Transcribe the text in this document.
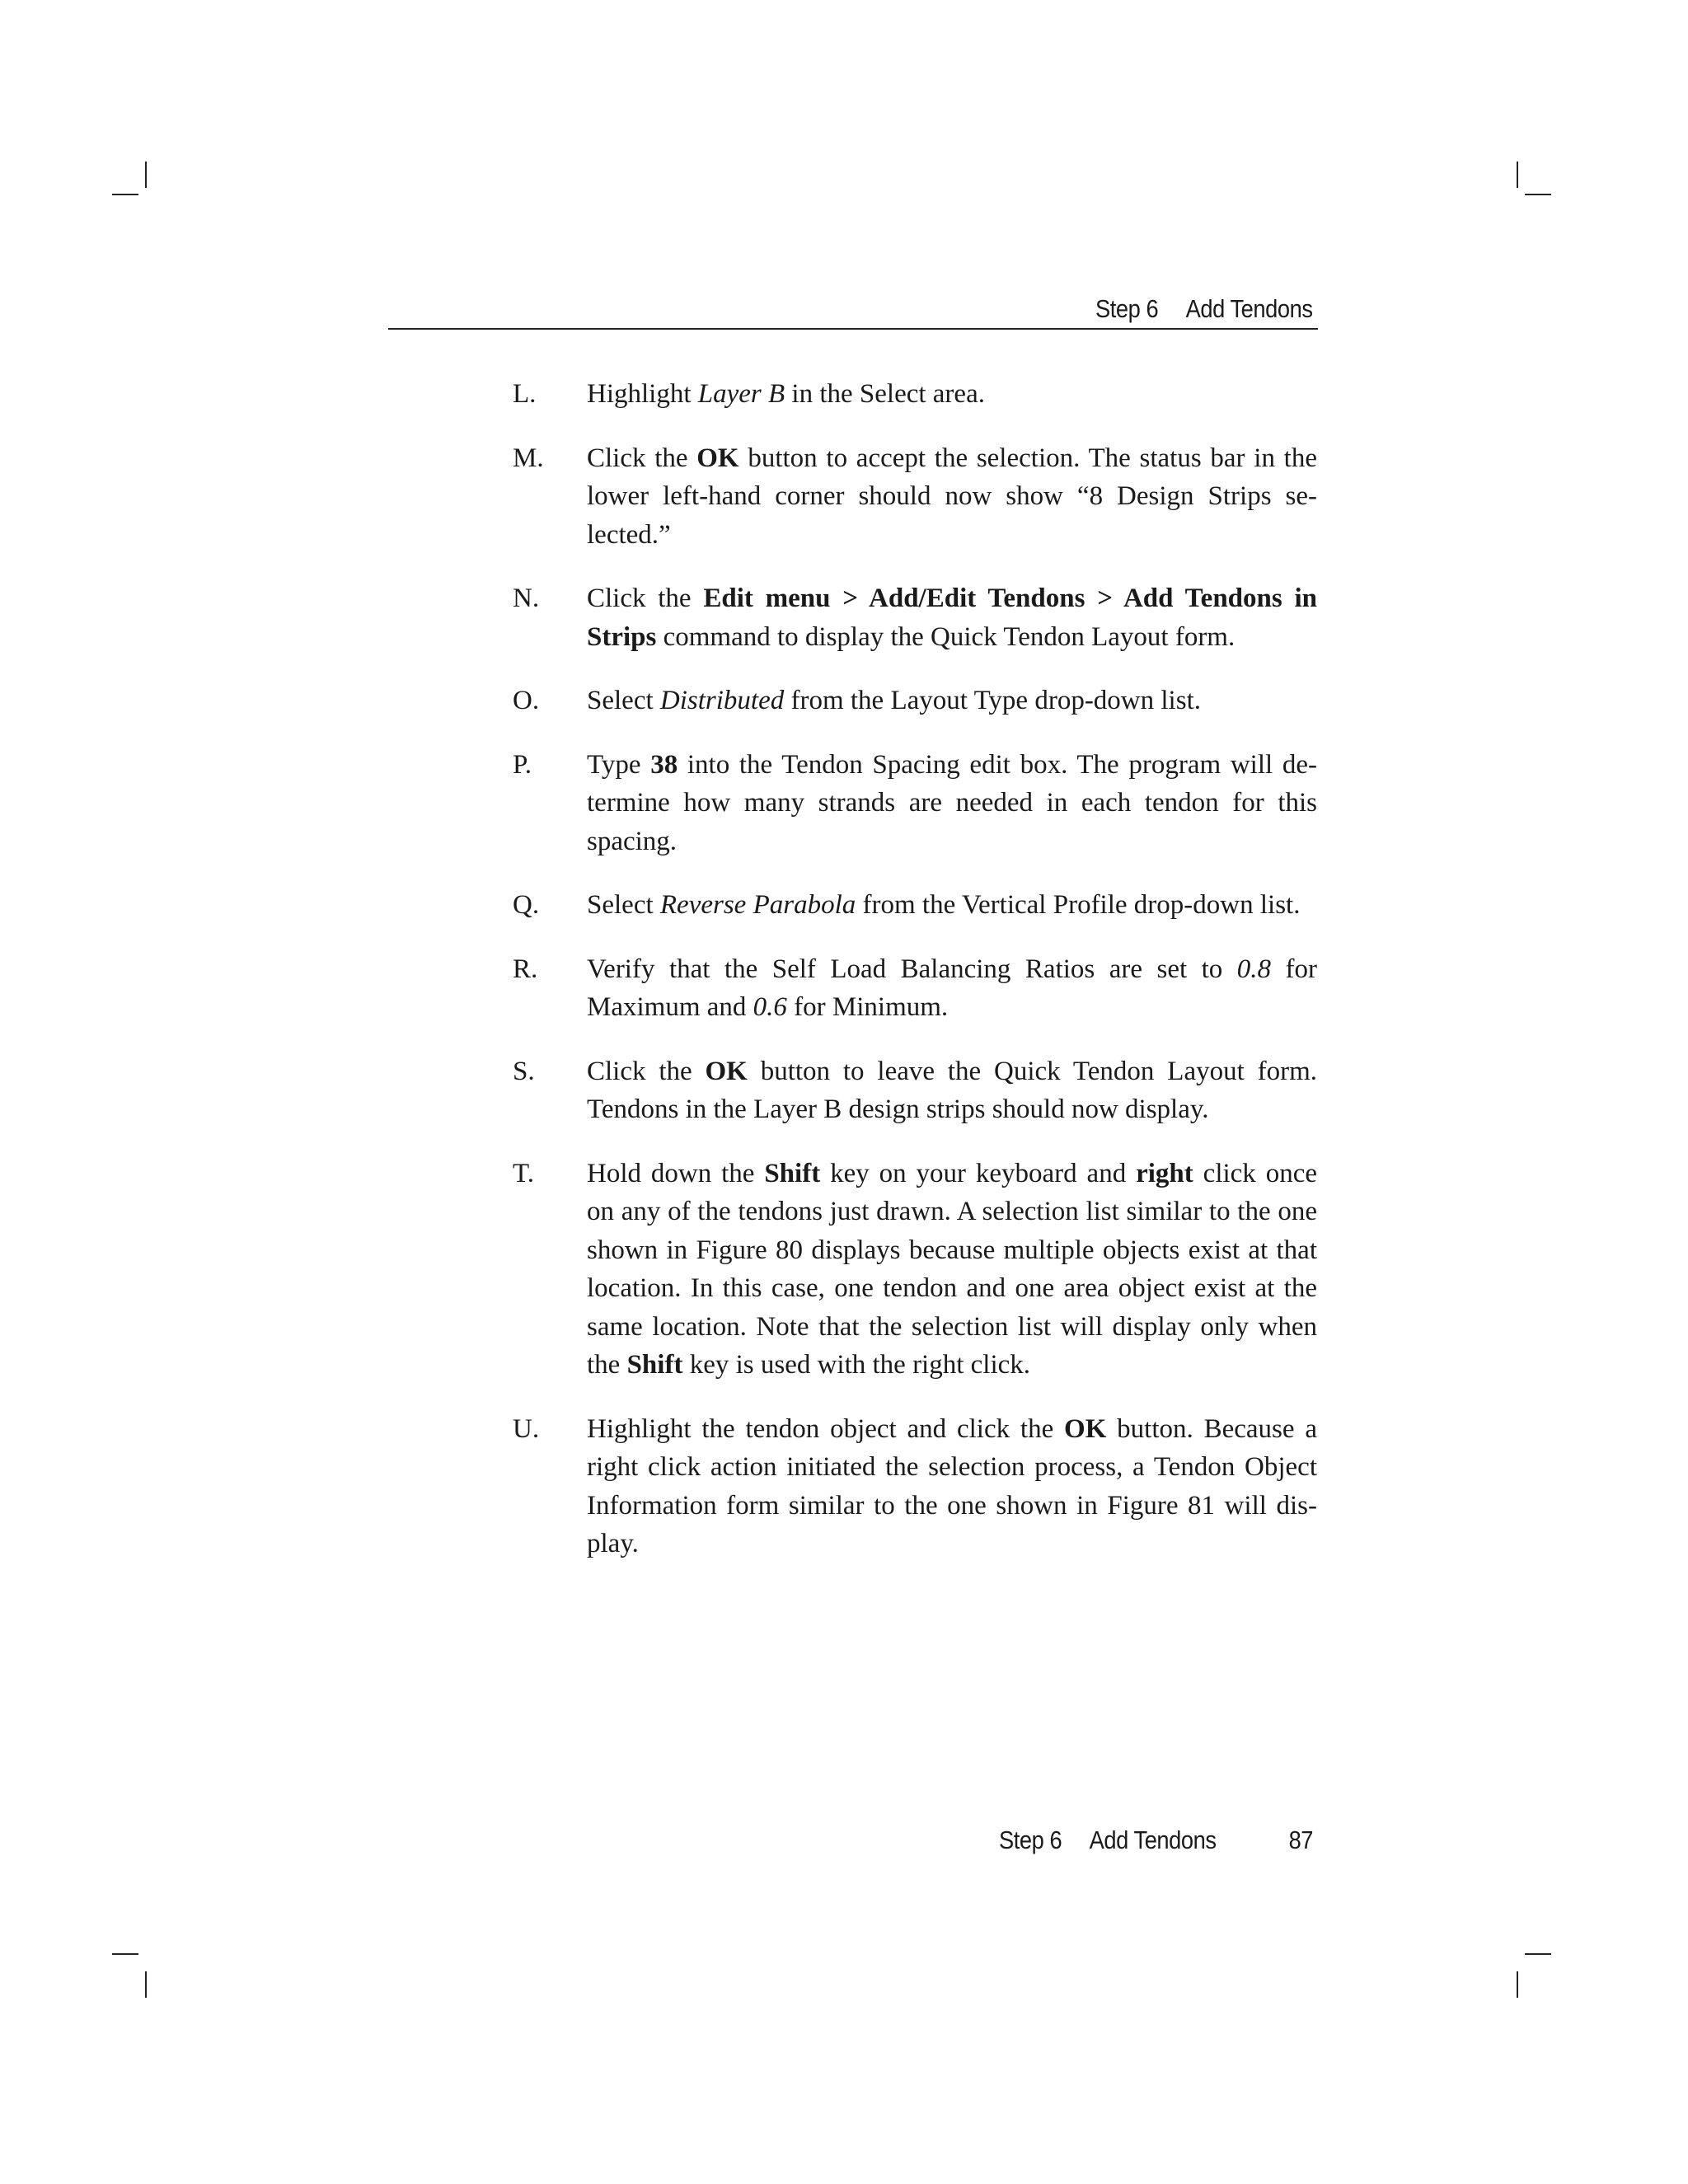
Step 6 Add Tendons
L.	Highlight Layer B in the Select area.
M.	Click the OK button to accept the selection. The status bar in the lower left-hand corner should now show “8 Design Strips se-lected.”
N.	Click the Edit menu > Add/Edit Tendons > Add Tendons in Strips command to display the Quick Tendon Layout form.
O.	Select Distributed from the Layout Type drop-down list.
P.	Type 38 into the Tendon Spacing edit box. The program will de-termine how many strands are needed in each tendon for this spacing.
Q.	Select Reverse Parabola from the Vertical Profile drop-down list.
R.	Verify that the Self Load Balancing Ratios are set to 0.8 for Maximum and 0.6 for Minimum.
S.	Click the OK button to leave the Quick Tendon Layout form. Tendons in the Layer B design strips should now display.
T.	Hold down the Shift key on your keyboard and right click once on any of the tendons just drawn. A selection list similar to the one shown in Figure 80 displays because multiple objects exist at that location. In this case, one tendon and one area object exist at the same location. Note that the selection list will display only when the Shift key is used with the right click.
U.	Highlight the tendon object and click the OK button. Because a right click action initiated the selection process, a Tendon Object Information form similar to the one shown in Figure 81 will dis-play.
Step 6 Add Tendons	87
